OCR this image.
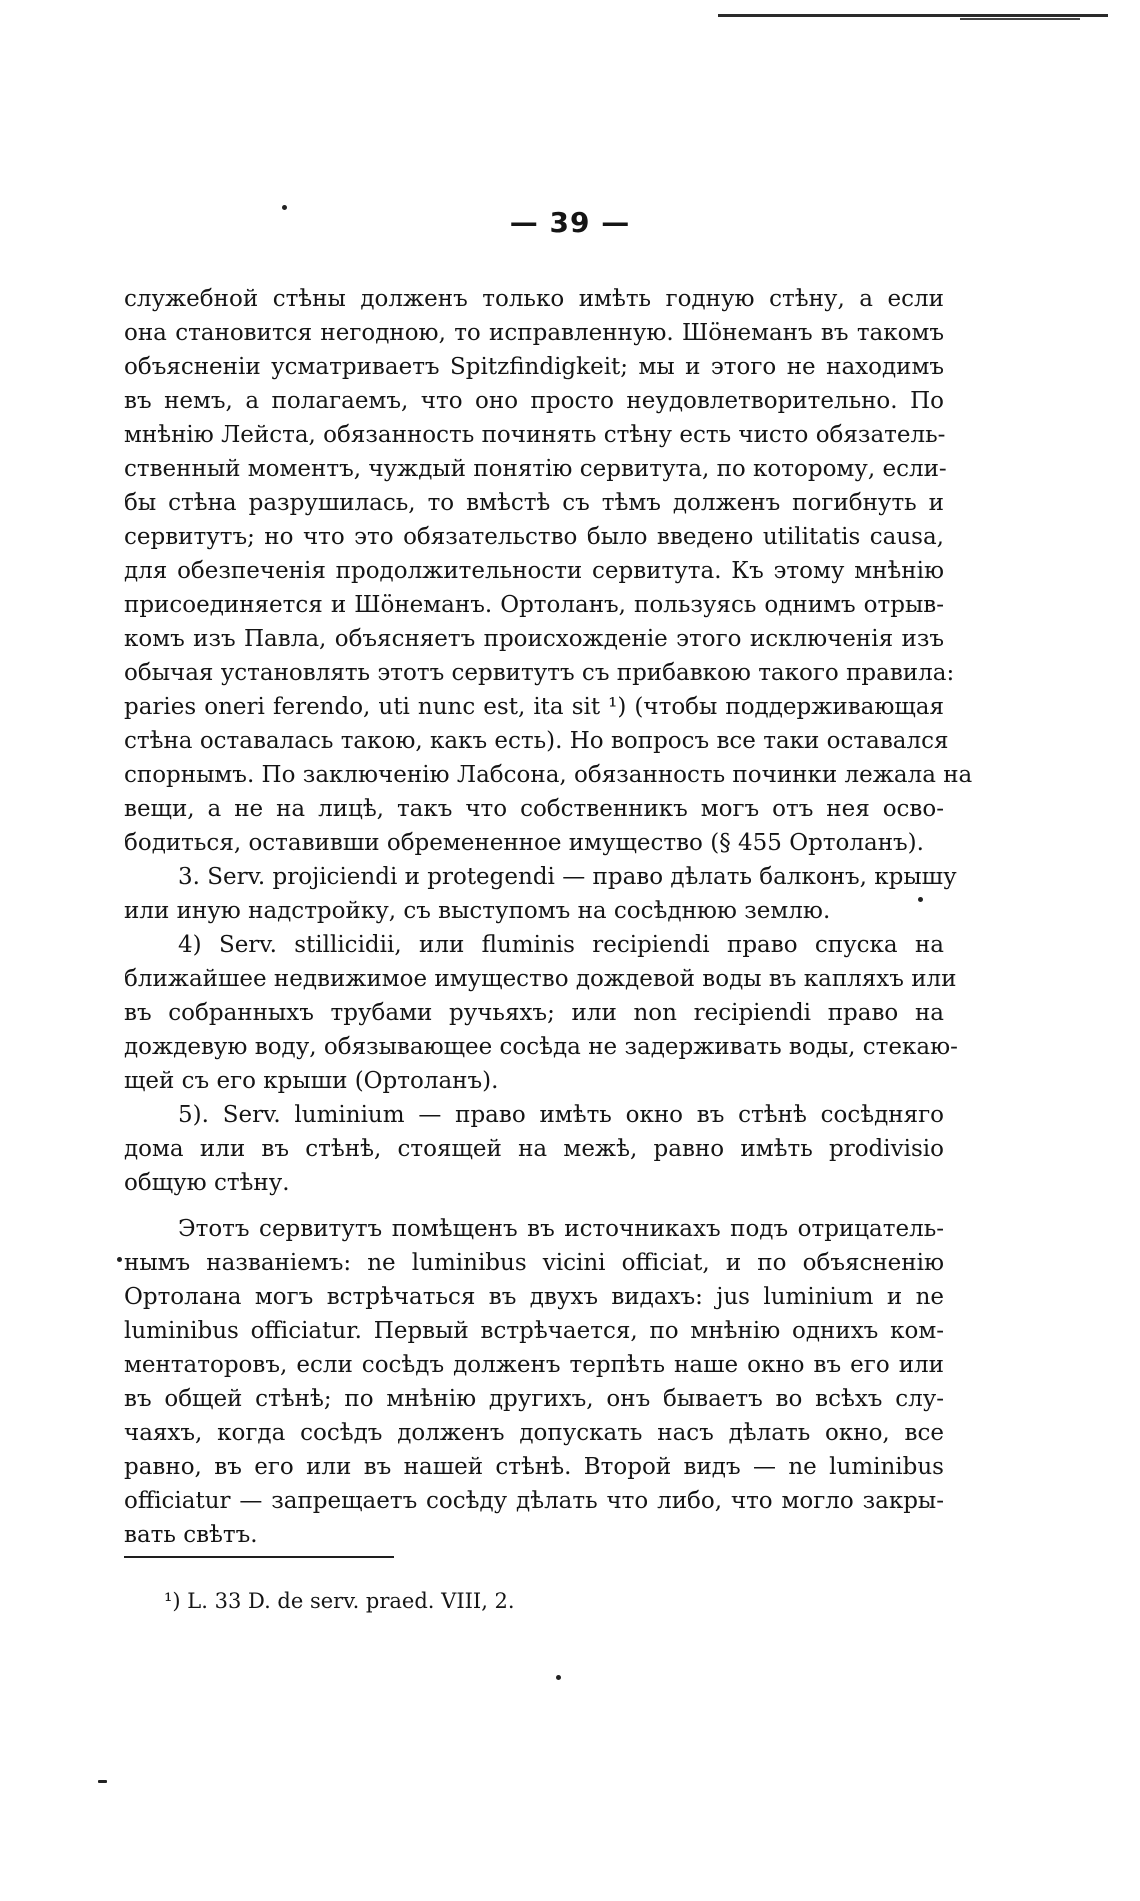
— 39 —
служебной стѣны долженъ только имѣть годную стѣну, а если
она становится негодною, то исправленную. Шöнеманъ въ такомъ
объясненіи усматриваетъ Spitzfindigkeit; мы и этого не находимъ
въ немъ, а полагаемъ, что оно просто неудовлетворительно. По
мнѣнію Лейста, обязанность починять стѣну есть чисто обязатель-
ственный моментъ, чуждый понятію сервитута, по которому, если-
бы стѣна разрушилась, то вмѣстѣ съ тѣмъ долженъ погибнуть и
сервитутъ; но что это обязательство было введено utilitatis causa,
для обезпеченія продолжительности сервитута. Къ этому мнѣнію
присоединяется и Шöнеманъ. Ортоланъ, пользуясь однимъ отрыв-
комъ изъ Павла, объясняетъ происхожденіе этого исключенія изъ
обычая установлять этотъ сервитутъ съ прибавкою такого правила:
paries oneri ferendo, uti nunc est, ita sit ¹) (чтобы поддерживающая
стѣна оставалась такою, какъ есть). Но вопросъ все таки оставался
спорнымъ. По заключенію Лабсона, обязанность починки лежала на
вещи, а не на лицѣ, такъ что собственникъ могъ отъ нея осво-
бодиться, оставивши обремененное имущество (§ 455 Ортоланъ).
3. Serv. projiciendi и protegendi — право дѣлать балконъ, крышу
или иную надстройку, съ выступомъ на сосѣднюю землю.
4) Serv. stillicidii, или fluminis recipiendi право спуска на
ближайшее недвижимое имущество дождевой воды въ капляхъ или
въ собранныхъ трубами ручьяхъ; или non recipiendi право на
дождевую воду, обязывающее сосѣда не задерживать воды, стекаю-
щей съ его крыши (Ортоланъ).
5). Serv. luminium — право имѣть окно въ стѣнѣ сосѣдняго
дома или въ стѣнѣ, стоящей на межѣ, равно имѣть prodivisio
общую стѣну.
Этотъ сервитутъ помѣщенъ въ источникахъ подъ отрицатель-
нымъ названіемъ: ne luminibus vicini officiat, и по объясненію
Ортолана могъ встрѣчаться въ двухъ видахъ: jus luminium и ne
luminibus officiatur. Первый встрѣчается, по мнѣнію однихъ ком-
ментаторовъ, если сосѣдъ долженъ терпѣть наше окно въ его или
въ общей стѣнѣ; по мнѣнію другихъ, онъ бываетъ во всѣхъ слу-
чаяхъ, когда сосѣдъ долженъ допускать насъ дѣлать окно, все
равно, въ его или въ нашей стѣнѣ. Второй видъ — ne luminibus
officiatur — запрещаетъ сосѣду дѣлать что либо, что могло закры-
вать свѣтъ.
¹) L. 33 D. de serv. praed. VIII, 2.
